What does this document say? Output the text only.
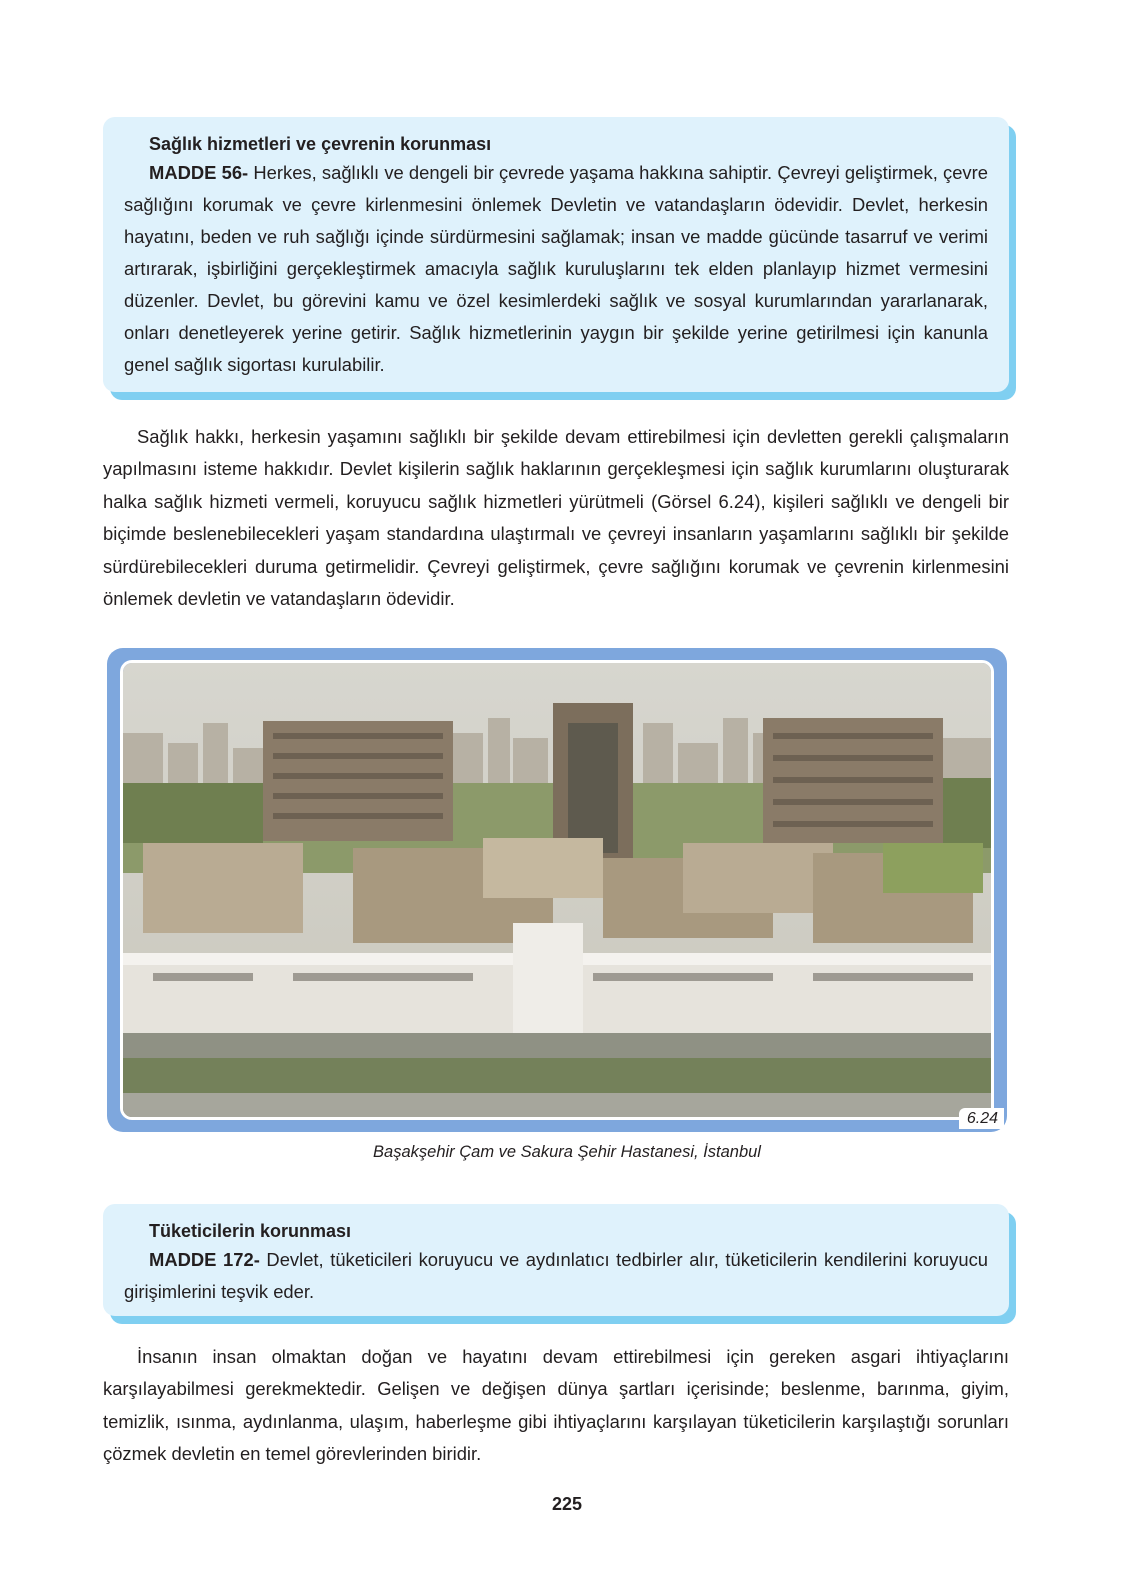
Sağlık hizmetleri ve çevrenin korunması

MADDE 56- Herkes, sağlıklı ve dengeli bir çevrede yaşama hakkına sahiptir. Çevreyi geliştirmek, çevre sağlığını korumak ve çevre kirlenmesini önlemek Devletin ve vatandaşların ödevidir. Devlet, herkesin hayatını, beden ve ruh sağlığı içinde sürdürmesini sağlamak; insan ve madde gücünde tasarruf ve verimi artırarak, işbirliğini gerçekleştirmek amacıyla sağlık kuruluşlarını tek elden planlayıp hizmet vermesini düzenler. Devlet, bu görevini kamu ve özel kesimlerdeki sağlık ve sosyal kurumlarından yararlanarak, onları denetleyerek yerine getirir. Sağlık hizmetlerinin yaygın bir şekilde yerine getirilmesi için kanunla genel sağlık sigortası kurulabilir.

Sağlık hakkı, herkesin yaşamını sağlıklı bir şekilde devam ettirebilmesi için devletten gerekli çalışmaların yapılmasını isteme hakkıdır. Devlet kişilerin sağlık haklarının gerçekleşmesi için sağlık kurumlarını oluşturarak halka sağlık hizmeti vermeli, koruyucu sağlık hizmetleri yürütmeli (Görsel 6.24), kişileri sağlıklı ve dengeli bir biçimde beslenebilecekleri yaşam standardına ulaştırmalı ve çevreyi insanların yaşamlarını sağlıklı bir şekilde sürdürebilecekleri duruma getirmelidir. Çevreyi geliştirmek, çevre sağlığını korumak ve çevrenin kirlenmesini önlemek devletin ve vatandaşların ödevidir.

6.24

Başakşehir Çam ve Sakura Şehir Hastanesi, İstanbul

Tüketicilerin korunması

MADDE 172- Devlet, tüketicileri koruyucu ve aydınlatıcı tedbirler alır, tüketicilerin kendilerini koruyucu girişimlerini teşvik eder.

İnsanın insan olmaktan doğan ve hayatını devam ettirebilmesi için gereken asgari ihtiyaçlarını karşılayabilmesi gerekmektedir. Gelişen ve değişen dünya şartları içerisinde; beslenme, barınma, giyim, temizlik, ısınma, aydınlanma, ulaşım, haberleşme gibi ihtiyaçlarını karşılayan tüketicilerin karşılaştığı sorunları çözmek devletin en temel görevlerinden biridir.

225
